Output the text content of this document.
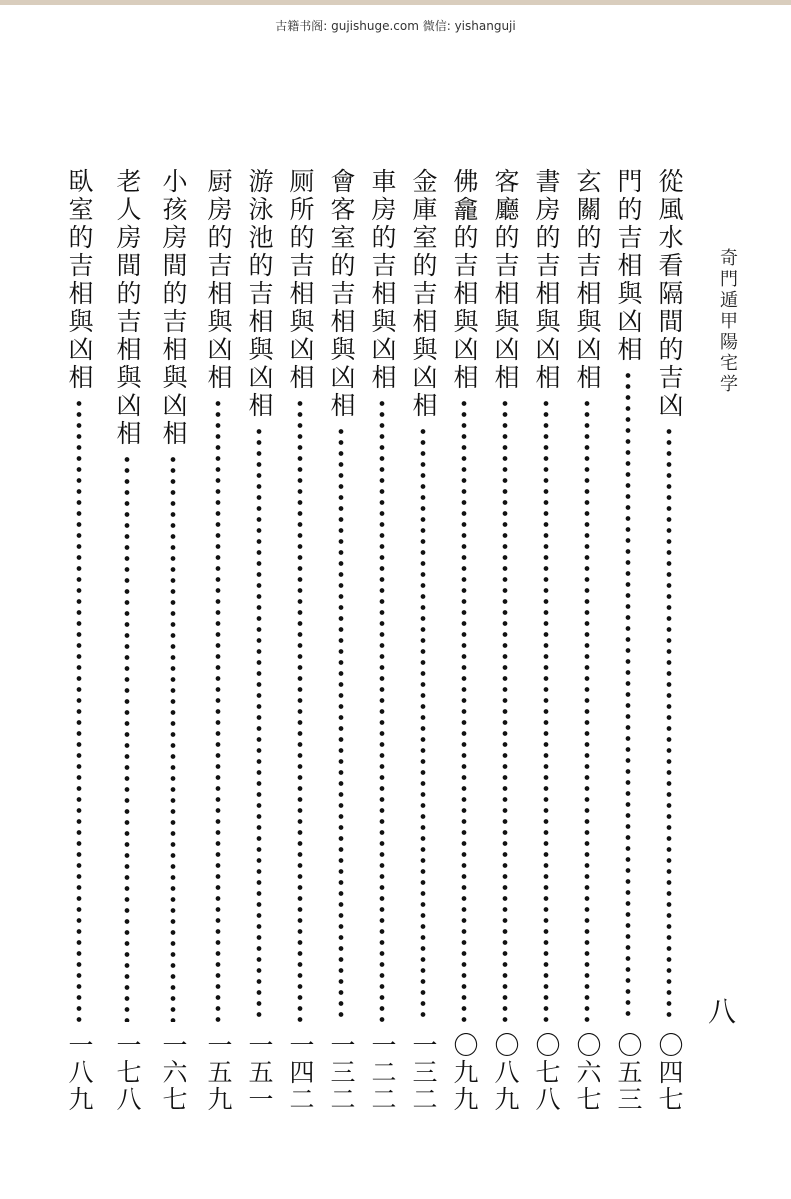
古籍书阁: gujishuge.com 微信: yishanguji
奇門遁甲陽宅学
八
從風水看隔間的吉凶
〇四七
門的吉相與凶相
〇五三
玄關的吉相與凶相
〇六七
書房的吉相與凶相
〇七八
客廳的吉相與凶相
〇八九
佛龕的吉相與凶相
〇九九
金庫室的吉相與凶相
一三二
車房的吉相與凶相
一二二
會客室的吉相與凶相
一三二
厕所的吉相與凶相
一四二
游泳池的吉相與凶相
一五一
厨房的吉相與凶相
一五九
小孩房間的吉相與凶相
一六七
老人房間的吉相與凶相
一七八
臥室的吉相與凶相
一八九
